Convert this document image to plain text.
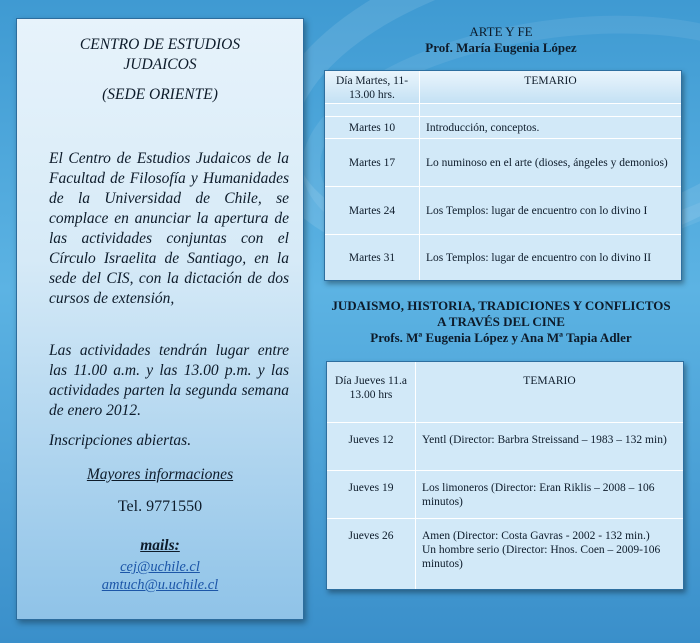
CENTRO DE ESTUDIOS
JUDAICOS
(SEDE ORIENTE)
El Centro de Estudios Judaicos de la Facultad de Filosofía y Humanidades de la Universidad de Chile, se complace en anunciar la apertura de las actividades conjuntas con el Círculo Israelita de Santiago, en la sede del CIS, con la dictación de dos cursos de extensión,
Las actividades tendrán lugar entre las 11.00 a.m. y las 13.00 p.m. y las actividades parten la segunda semana de enero 2012.
Inscripciones abiertas.
Mayores informaciones
Tel. 9771550
mails:
cej@uchile.cl
amtuch@u.uchile.cl
ARTE Y FE
Prof. María Eugenia López
Día Martes, 11-13.00 hrs.
TEMARIO
Martes 10	Introducción, conceptos.
Martes 17	Lo numinoso en el arte (dioses, ángeles y demonios)
Martes 24	Los Templos: lugar de encuentro con lo divino I
Martes 31	Los Templos: lugar de encuentro con lo divino II
JUDAISMO, HISTORIA, TRADICIONES Y CONFLICTOS
A TRAVÉS DEL CINE
Profs. Mª Eugenia López y Ana Mª Tapia Adler
Día Jueves 11.a 13.00 hrs
TEMARIO
Jueves 12	Yentl (Director: Barbra Streissand – 1983 – 132 min)
Jueves 19	Los limoneros (Director: Eran Riklis – 2008 – 106 minutos)
Jueves 26	Amen (Director: Costa Gavras - 2002 - 132 min.)
Un hombre serio (Director: Hnos. Coen – 2009-106 minutos)
